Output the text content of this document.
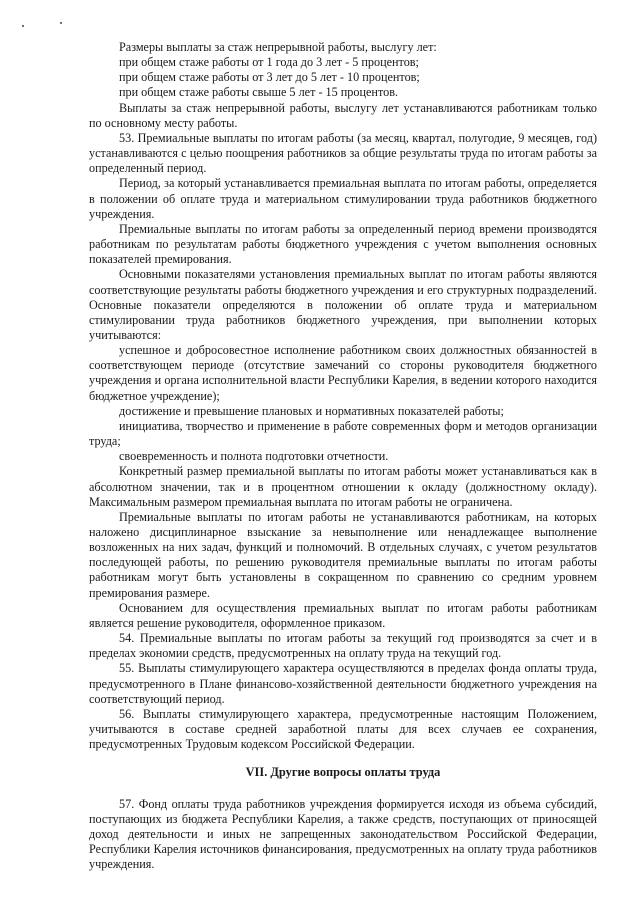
Размеры выплаты за стаж непрерывной работы, выслугу лет:

при общем стаже работы от 1 года до 3 лет - 5 процентов;

при общем стаже работы от 3 лет до 5 лет - 10 процентов;

при общем стаже работы свыше 5 лет - 15 процентов.

Выплаты за стаж непрерывной работы, выслугу лет устанавливаются работникам только по основному месту работы.

53. Премиальные выплаты по итогам работы (за месяц, квартал, полугодие, 9 месяцев, год) устанавливаются с целью поощрения работников за общие результаты труда по итогам работы за определенный период.

Период, за который устанавливается премиальная выплата по итогам работы, определяется в положении об оплате труда и материальном стимулировании труда работников бюджетного учреждения.

Премиальные выплаты по итогам работы за определенный период времени производятся работникам по результатам работы бюджетного учреждения с учетом выполнения основных показателей премирования.

Основными показателями установления премиальных выплат по итогам работы являются соответствующие результаты работы бюджетного учреждения и его структурных подразделений. Основные показатели определяются в положении об оплате труда и материальном стимулировании труда работников бюджетного учреждения, при выполнении которых учитываются:

успешное и добросовестное исполнение работником своих должностных обязанностей в соответствующем периоде (отсутствие замечаний со стороны руководителя бюджетного учреждения и органа исполнительной власти Республики Карелия, в ведении которого находится бюджетное учреждение);

достижение и превышение плановых и нормативных показателей работы;

инициатива, творчество и применение в работе современных форм и методов организации труда;

своевременность и полнота подготовки отчетности.

Конкретный размер премиальной выплаты по итогам работы может устанавливаться как в абсолютном значении, так и в процентном отношении к окладу (должностному окладу). Максимальным размером премиальная выплата по итогам работы не ограничена.

Премиальные выплаты по итогам работы не устанавливаются работникам, на которых наложено дисциплинарное взыскание за невыполнение или ненадлежащее выполнение возложенных на них задач, функций и полномочий. В отдельных случаях, с учетом результатов последующей работы, по решению руководителя премиальные выплаты по итогам работы работникам могут быть установлены в сокращенном по сравнению со средним уровнем премирования размере.

Основанием для осуществления премиальных выплат по итогам работы работникам является решение руководителя, оформленное приказом.

54. Премиальные выплаты по итогам работы за текущий год производятся за счет и в пределах экономии средств, предусмотренных на оплату труда на текущий год.

55. Выплаты стимулирующего характера осуществляются в пределах фонда оплаты труда, предусмотренного в Плане финансово-хозяйственной деятельности бюджетного учреждения на соответствующий период.

56. Выплаты стимулирующего характера, предусмотренные настоящим Положением, учитываются в составе средней заработной платы для всех случаев ее сохранения, предусмотренных Трудовым кодексом Российской Федерации.

VII. Другие вопросы оплаты труда

57. Фонд оплаты труда работников учреждения формируется исходя из объема субсидий, поступающих из бюджета Республики Карелия, а также средств, поступающих от приносящей доход деятельности и иных не запрещенных законодательством Российской Федерации, Республики Карелия источников финансирования, предусмотренных на оплату труда работников учреждения.
